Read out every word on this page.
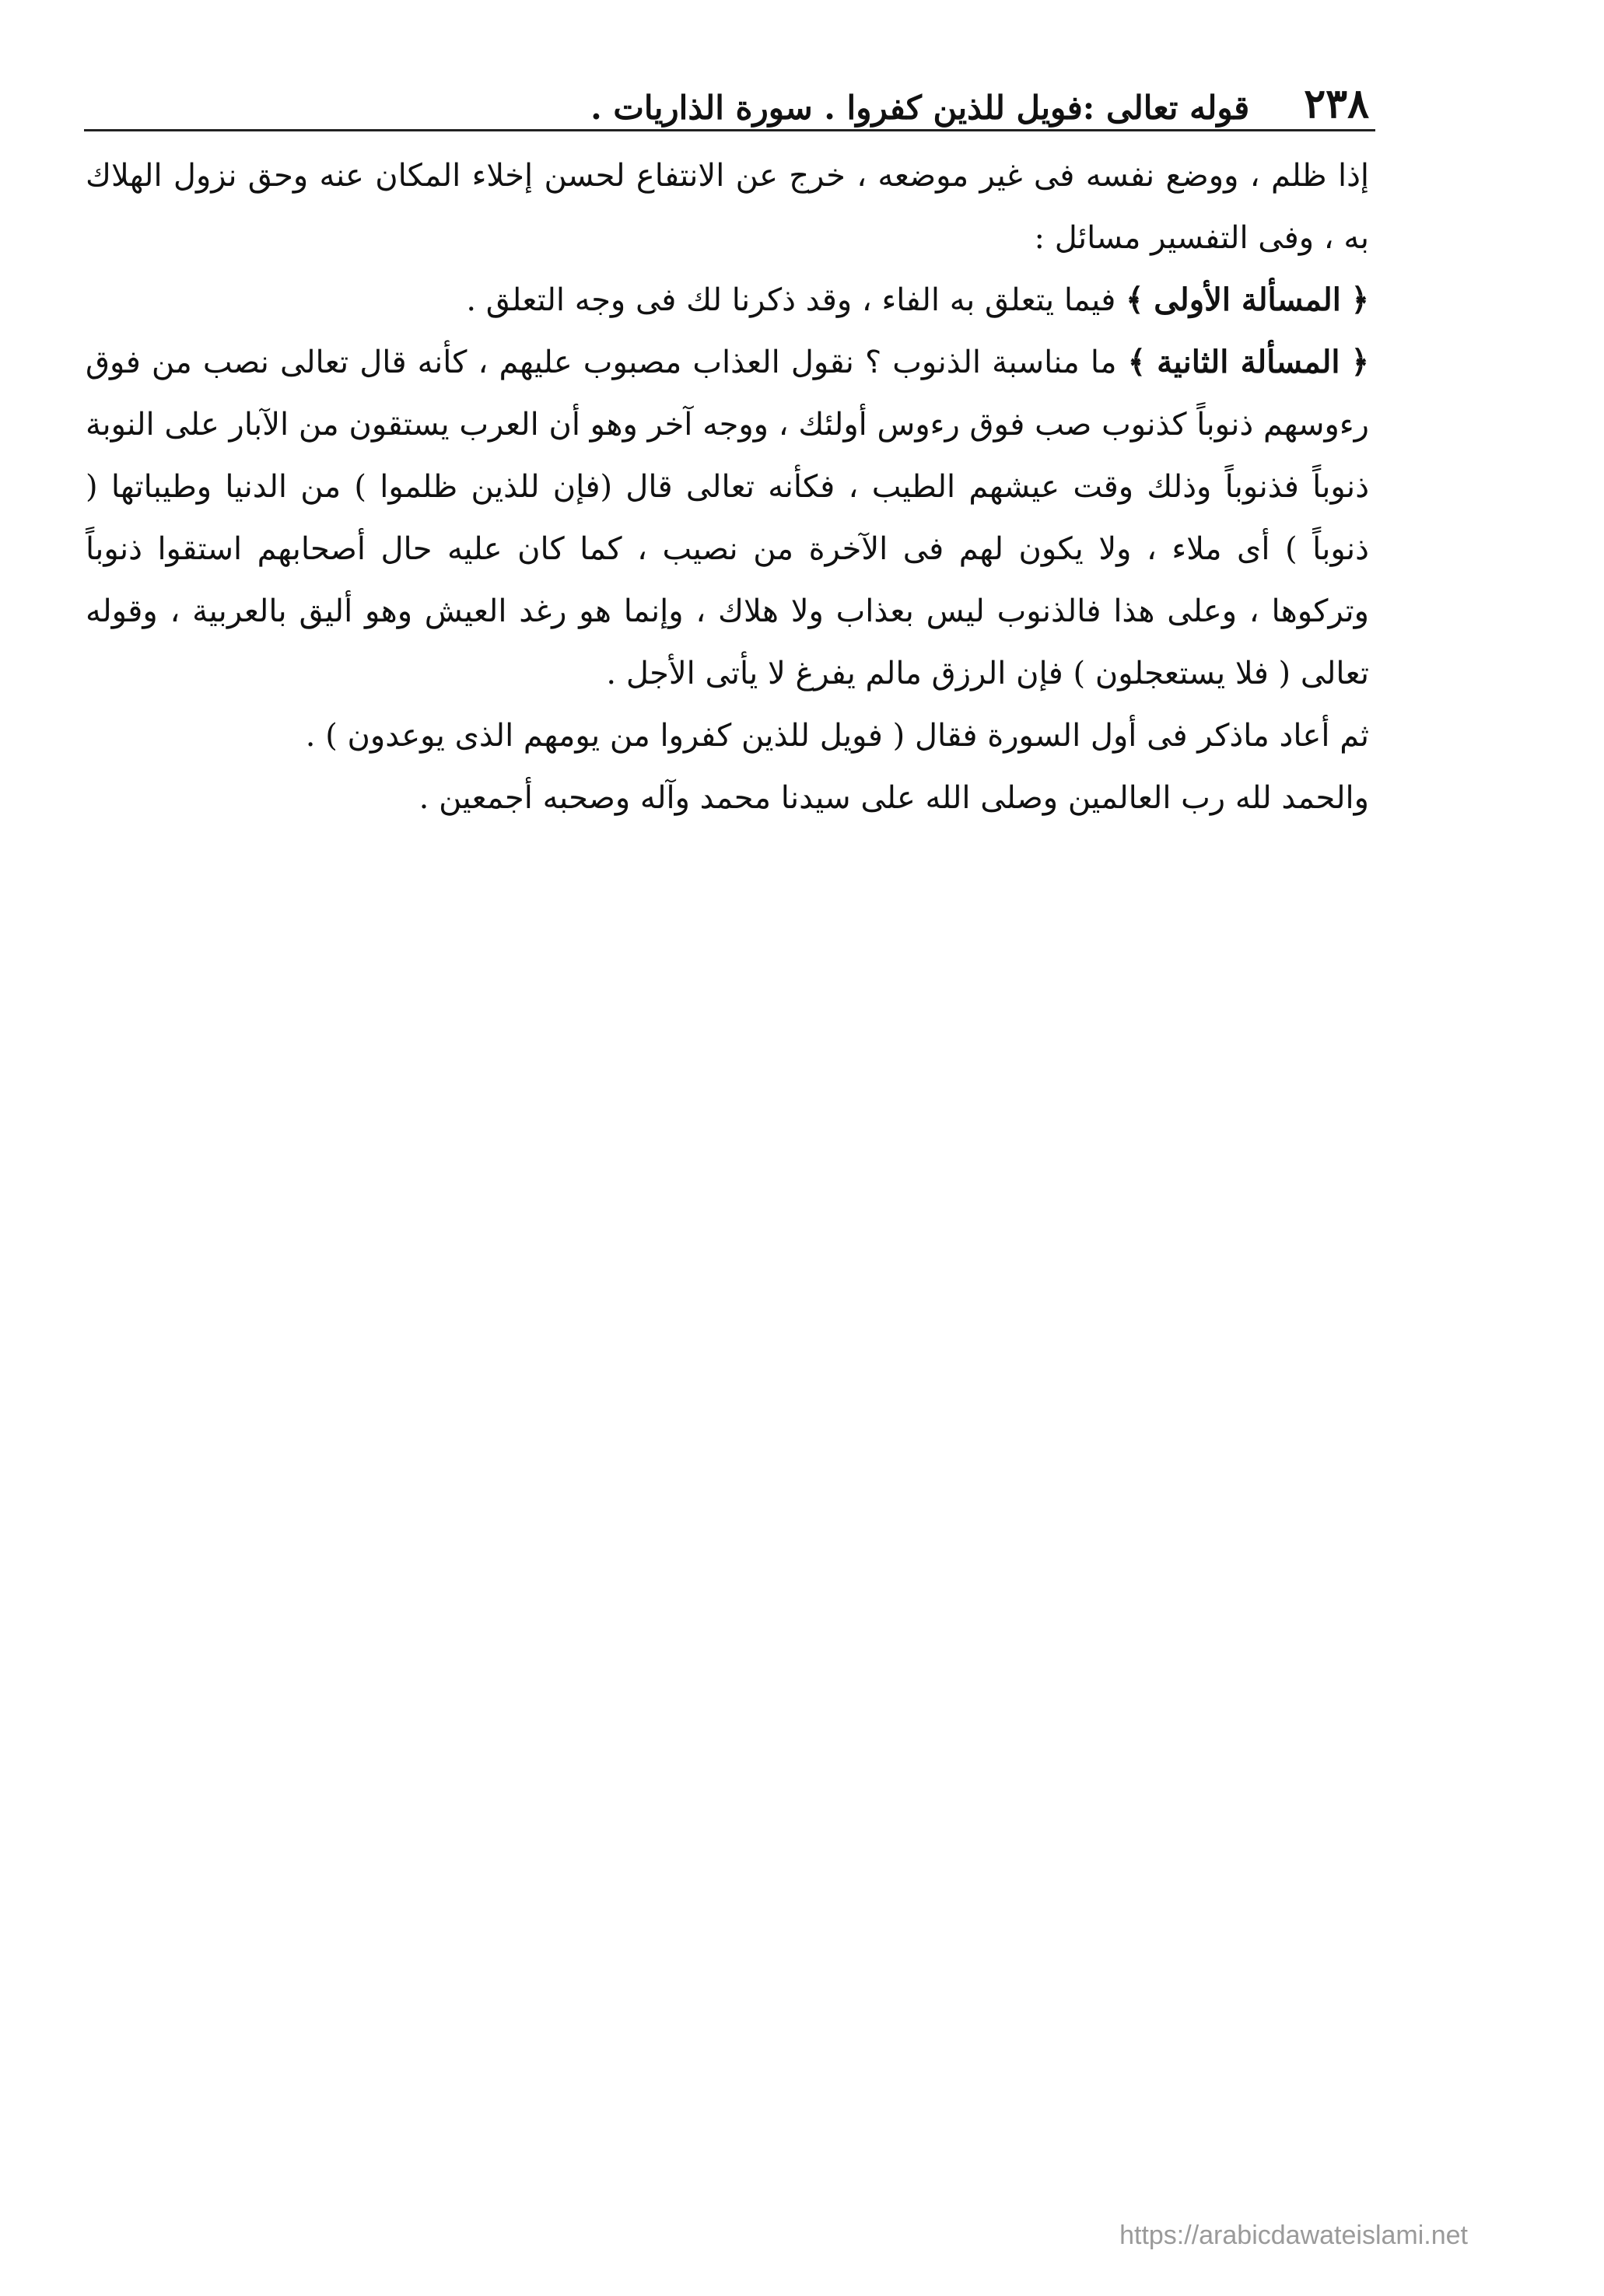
٢٣٨
قوله تعالى :فويل للذين كفروا . سورة الذاريات .

إذا ظلم ، ووضع نفسه فى غير موضعه ، خرج عن الانتفاع لحسن إخلاء المكان عنه وحق نزول الهلاك به ، وفى التفسير مسائل :

﴿ المسألة الأولى ﴾ فيما يتعلق به الفاء ، وقد ذكرنا لك فى وجه التعلق .

﴿ المسألة الثانية ﴾ ما مناسبة الذنوب ؟ نقول العذاب مصبوب عليهم ، كأنه قال تعالى نصب من فوق رءوسهم ذنوباً كذنوب صب فوق رءوس أولئك ، ووجه آخر وهو أن العرب يستقون من الآبار على النوبة ذنوباً فذنوباً وذلك وقت عيشهم الطيب ، فكأنه تعالى قال (فإن للذين ظلموا ) من الدنيا وطيباتها ( ذنوباً ) أى ملاء ، ولا يكون لهم فى الآخرة من نصيب ، كما كان عليه حال أصحابهم استقوا ذنوباً وتركوها ، وعلى هذا فالذنوب ليس بعذاب ولا هلاك ، وإنما هو رغد العيش وهو أليق بالعربية ، وقوله تعالى ( فلا يستعجلون ) فإن الرزق مالم يفرغ لا يأتى الأجل .

ثم أعاد ماذكر فى أول السورة فقال ( فويل للذين كفروا من يومهم الذى يوعدون ) .

والحمد لله رب العالمين وصلى الله على سيدنا محمد وآله وصحبه أجمعين .

https://arabicdawateislami.net
